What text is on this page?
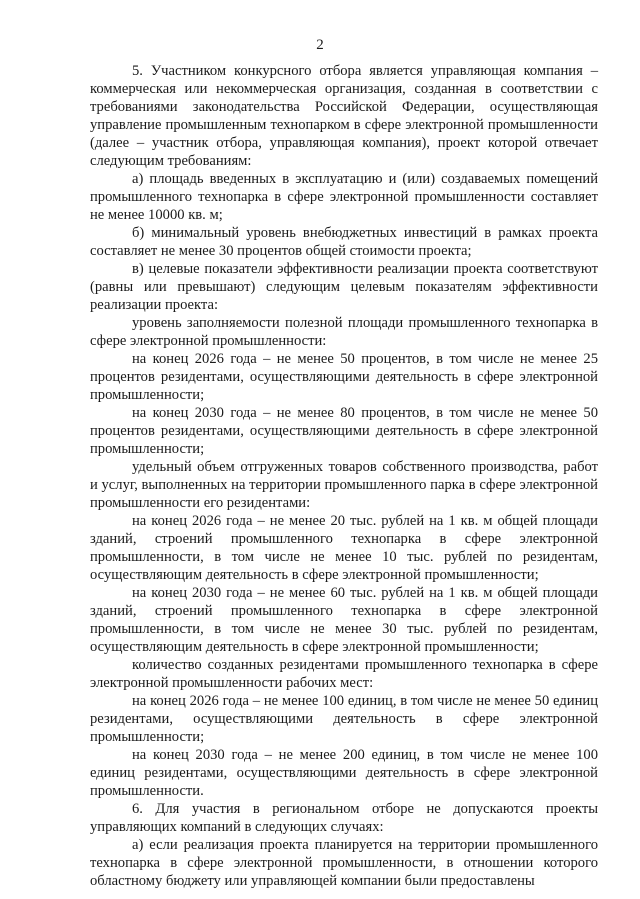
2

5. Участником конкурсного отбора является управляющая компания – коммерческая или некоммерческая организация, созданная в соответствии с требованиями законодательства Российской Федерации, осуществляющая управление промышленным технопарком в сфере электронной промышленности (далее – участник отбора, управляющая компания), проект которой отвечает следующим требованиям:

а) площадь введенных в эксплуатацию и (или) создаваемых помещений промышленного технопарка в сфере электронной промышленности составляет не менее 10000 кв. м;

б) минимальный уровень внебюджетных инвестиций в рамках проекта составляет не менее 30 процентов общей стоимости проекта;

в) целевые показатели эффективности реализации проекта соответствуют (равны или превышают) следующим целевым показателям эффективности реализации проекта:

уровень заполняемости полезной площади промышленного технопарка в сфере электронной промышленности:

на конец 2026 года – не менее 50 процентов, в том числе не менее 25 процентов резидентами, осуществляющими деятельность в сфере электронной промышленности;

на конец 2030 года – не менее 80 процентов, в том числе не менее 50 процентов резидентами, осуществляющими деятельность в сфере электронной промышленности;

удельный объем отгруженных товаров собственного производства, работ и услуг, выполненных на территории промышленного парка в сфере электронной промышленности его резидентами:

на конец 2026 года – не менее 20 тыс. рублей на 1 кв. м общей площади зданий, строений промышленного технопарка в сфере электронной промышленности, в том числе не менее 10 тыс. рублей по резидентам, осуществляющим деятельность в сфере электронной промышленности;

на конец 2030 года – не менее 60 тыс. рублей на 1 кв. м общей площади зданий, строений промышленного технопарка в сфере электронной промышленности, в том числе не менее 30 тыс. рублей по резидентам, осуществляющим деятельность в сфере электронной промышленности;

количество созданных резидентами промышленного технопарка в сфере электронной промышленности рабочих мест:

на конец 2026 года – не менее 100 единиц, в том числе не менее 50 единиц резидентами, осуществляющими деятельность в сфере электронной промышленности;

на конец 2030 года – не менее 200 единиц, в том числе не менее 100 единиц резидентами, осуществляющими деятельность в сфере электронной промышленности.

6. Для участия в региональном отборе не допускаются проекты управляющих компаний в следующих случаях:

а) если реализация проекта планируется на территории промышленного технопарка в сфере электронной промышленности, в отношении которого областному бюджету или управляющей компании были предоставлены
